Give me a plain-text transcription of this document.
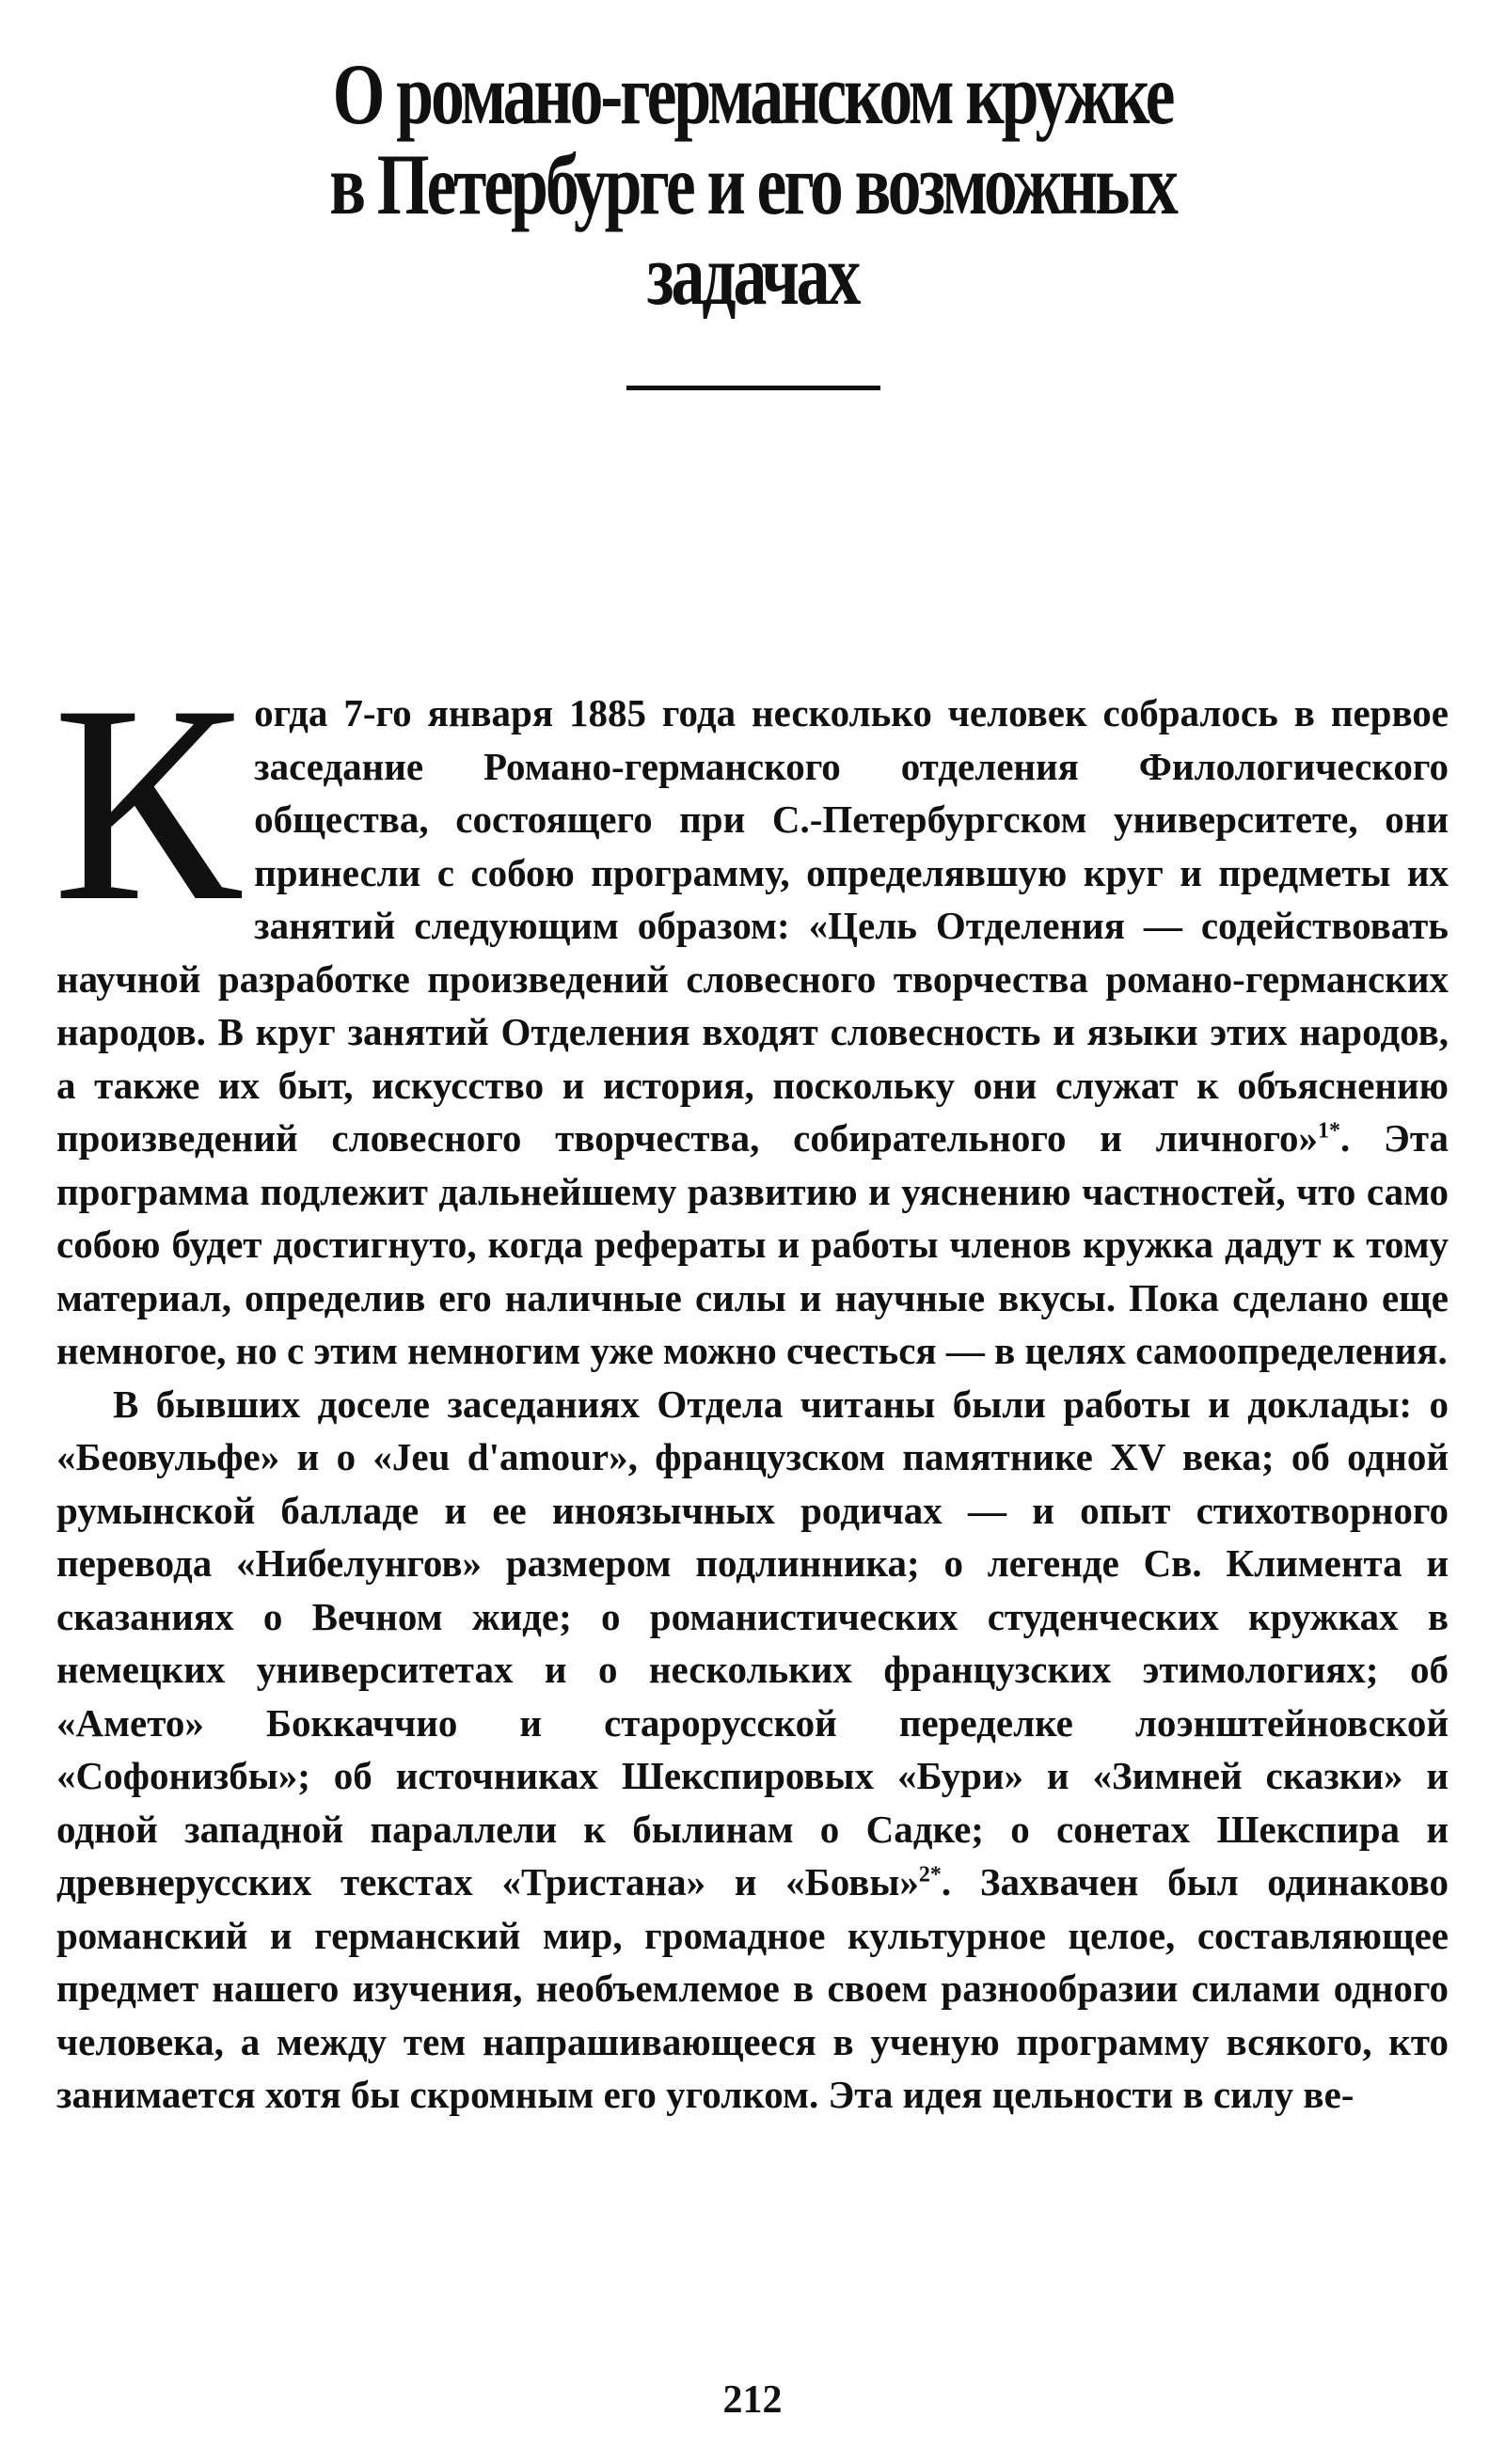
О романо-германском кружке
в Петербурге и его возможных
задачах

Когда 7-го января 1885 года несколько человек собралось в первое заседание Романо-германского отделения Филологического общества, состоящего при С.-Петербургском университете, они принесли с собою программу, определявшую круг и предметы их занятий следующим образом: «Цель Отделения — содействовать научной разработке произведений словесного творчества романо-германских народов. В круг занятий Отделения входят словесность и языки этих народов, а также их быт, искусство и история, поскольку они служат к объяснению произведений словесного творчества, собирательного и личного»$^{1*}$. Эта программа подлежит дальнейшему развитию и уяснению частностей, что само собою будет достигнуто, когда рефераты и работы членов кружка дадут к тому материал, определив его наличные силы и научные вкусы. Пока сделано еще немногое, но с этим немногим уже можно счесться — в целях самоопределения.

В бывших доселе заседаниях Отдела читаны были работы и доклады: о «Беовульфе» и о «Jeu d'amour», французском памятнике XV века; об одной румынской балладе и ее иноязычных родичах — и опыт стихотворного перевода «Нибелунгов» размером подлинника; о легенде Св. Климента и сказаниях о Вечном жиде; о романистических студенческих кружках в немецких университетах и о нескольких французских этимологиях; об «Амето» Боккаччио и старорусской переделке лоэнштейновской «Софонизбы»; об источниках Шекспировых «Бури» и «Зимней сказки» и одной западной параллели к былинам о Садке; о сонетах Шекспира и древнерусских текстах «Тристана» и «Бовы»$^{2*}$. Захвачен был одинаково романский и германский мир, громадное культурное целое, составляющее предмет нашего изучения, необъемлемое в своем разнообразии силами одного человека, а между тем напрашивающееся в ученую программу всякого, кто занимается хотя бы скромным его уголком. Эта идея цельности в силу ве-

212
